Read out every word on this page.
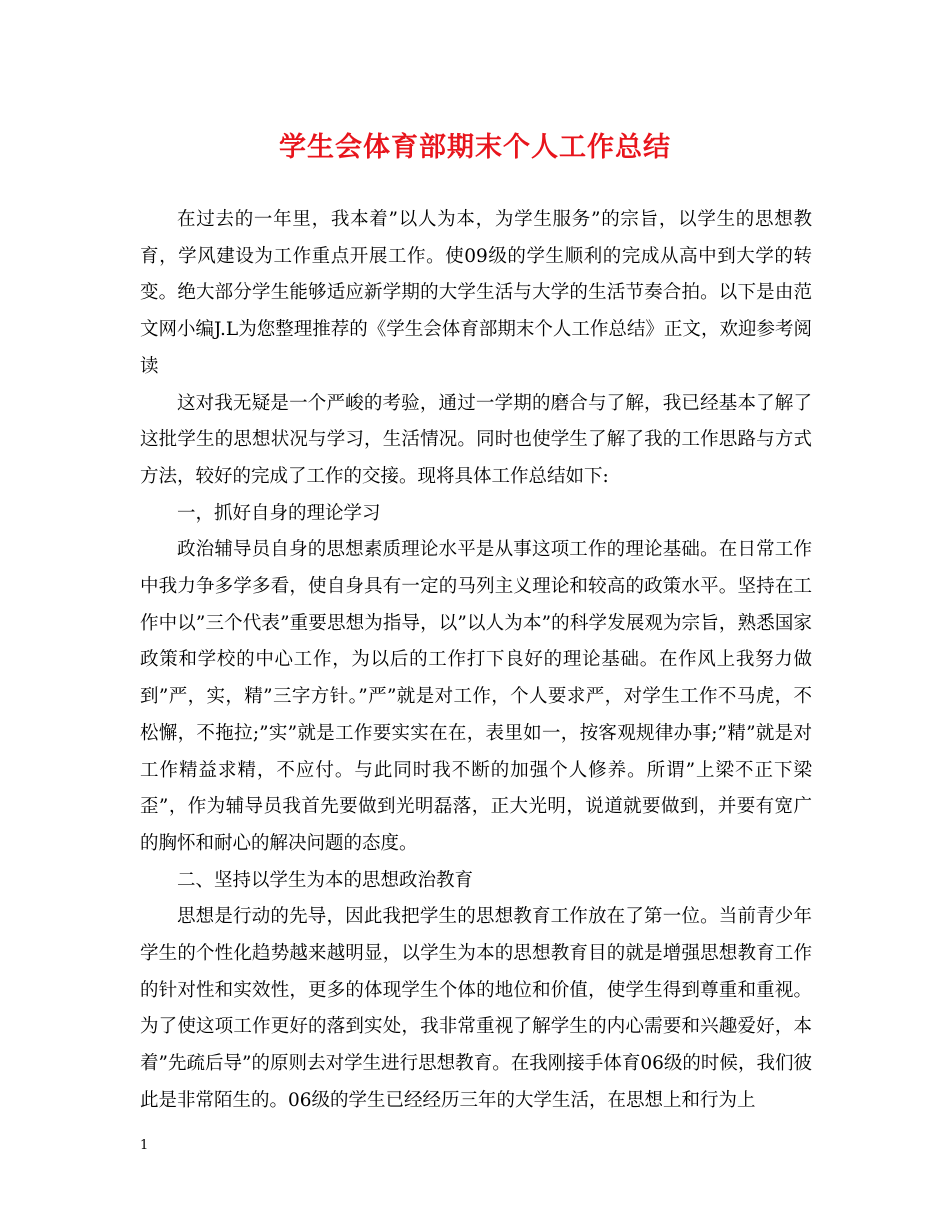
学生会体育部期末个人工作总结

在过去的一年里，我本着”以人为本，为学生服务”的宗旨，以学生的思想教育，学风建设为工作重点开展工作。使09级的学生顺利的完成从高中到大学的转变。绝大部分学生能够适应新学期的大学生活与大学的生活节奏合拍。以下是由范文网小编J.L为您整理推荐的《学生会体育部期末个人工作总结》正文，欢迎参考阅读

这对我无疑是一个严峻的考验，通过一学期的磨合与了解，我已经基本了解了这批学生的思想状况与学习，生活情况。同时也使学生了解了我的工作思路与方式方法，较好的完成了工作的交接。现将具体工作总结如下:

一，抓好自身的理论学习

政治辅导员自身的思想素质理论水平是从事这项工作的理论基础。在日常工作中我力争多学多看，使自身具有一定的马列主义理论和较高的政策水平。坚持在工作中以”三个代表”重要思想为指导，以”以人为本”的科学发展观为宗旨，熟悉国家政策和学校的中心工作，为以后的工作打下良好的理论基础。在作风上我努力做到”严，实，精”三字方针。”严”就是对工作，个人要求严，对学生工作不马虎，不松懈，不拖拉;”实”就是工作要实实在在，表里如一，按客观规律办事;”精”就是对工作精益求精，不应付。与此同时我不断的加强个人修养。所谓”上梁不正下梁歪”，作为辅导员我首先要做到光明磊落，正大光明，说道就要做到，并要有宽广的胸怀和耐心的解决问题的态度。

二、坚持以学生为本的思想政治教育

思想是行动的先导，因此我把学生的思想教育工作放在了第一位。当前青少年学生的个性化趋势越来越明显，以学生为本的思想教育目的就是增强思想教育工作的针对性和实效性，更多的体现学生个体的地位和价值，使学生得到尊重和重视。为了使这项工作更好的落到实处，我非常重视了解学生的内心需要和兴趣爱好，本着”先疏后导”的原则去对学生进行思想教育。在我刚接手体育06级的时候，我们彼此是非常陌生的。06级的学生已经经历三年的大学生活，在思想上和行为上

1
